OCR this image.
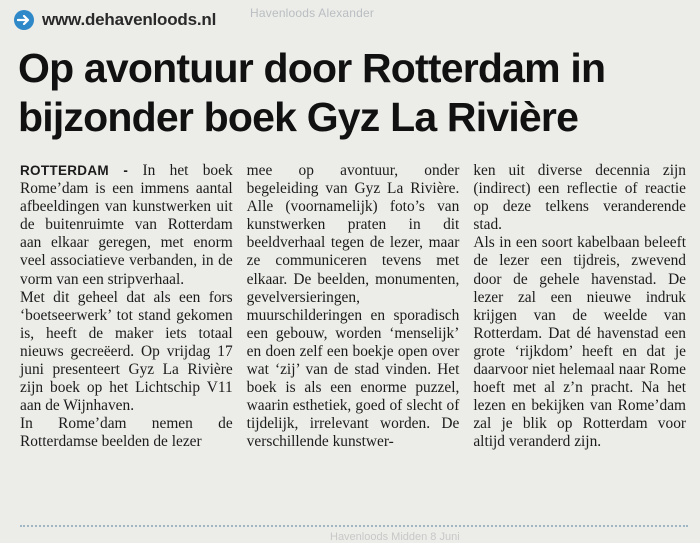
www.dehavenloods.nl	Havenloods Alexander
Op avontuur door Rotterdam in
bijzonder boek Gyz La Rivière

ROTTERDAM - In het boek Rome’dam is een immens aantal afbeeldingen van kunstwerken uit de buitenruimte van Rotterdam aan elkaar geregen, met enorm veel associatieve verbanden, in de vorm van een stripverhaal.

Met dit geheel dat als een fors ‘boetseerwerk’ tot stand gekomen is, heeft de maker iets totaal nieuws gecreëerd. Op vrijdag 17 juni presenteert Gyz La Rivière zijn boek op het Lichtschip V11 aan de Wijnhaven.

In Rome’dam nemen de Rotterdamse beelden de lezer

mee op avontuur, onder begeleiding van Gyz La Rivière. Alle (voornamelijk) foto’s van kunstwerken praten in dit beeldverhaal tegen de lezer, maar ze communiceren tevens met elkaar. De beelden, monumenten, gevelversieringen, muurschilderingen en sporadisch een gebouw, worden ‘menselijk’ en doen zelf een boekje open over wat ‘zij’ van de stad vinden. Het boek is als een enorme puzzel, waarin esthetiek, goed of slecht of tijdelijk, irrelevant worden. De verschillende kunstwer-

ken uit diverse decennia zijn (indirect) een reflectie of reactie op deze telkens veranderende stad.

Als in een soort kabelbaan beleeft de lezer een tijdreis, zwevend door de gehele havenstad. De lezer zal een nieuwe indruk krijgen van de weelde van Rotterdam. Dat dé havenstad een grote ‘rijkdom’ heeft en dat je daarvoor niet helemaal naar Rome hoeft met al z’n pracht. Na het lezen en bekijken van Rome’dam zal je blik op Rotterdam voor altijd veranderd zijn.

Havenloods Midden 8 Juni
